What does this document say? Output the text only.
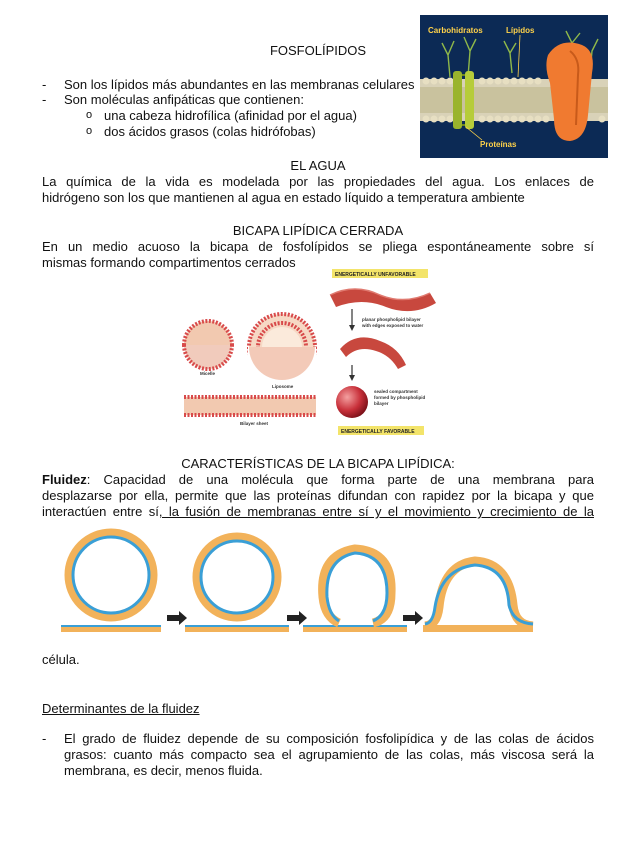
FOSFOLÍPIDOS
- Son los lípidos más abundantes en las membranas celulares
- Son moléculas anfipáticas que contienen:
o una cabeza hidrofílica (afinidad por el agua)
o dos ácidos grasos (colas hidrófobas)
Carbohidratos	Lípidos
Proteínas
EL AGUA
La química de la vida es modelada por las propiedades del agua. Los enlaces de
hidrógeno son los que mantienen al agua en estado líquido a temperatura ambiente
BICAPA LIPÍDICA CERRADA
En un medio acuoso la bicapa de fosfolípidos se pliega espontáneamente sobre sí
mismas formando compartimentos cerrados
ENERGETICALLY UNFAVORABLE
planar phospholipid bilayer
with edges exposed to water
sealed compartment
formed by phospholipid
bilayer
ENERGETICALLY FAVORABLE
Micelle
Liposome
Bilayer sheet
CARACTERÍSTICAS DE LA BICAPA LIPÍDICA:
Fluidez: Capacidad de una molécula que forma parte de una membrana para
desplazarse por ella, permite que las proteínas difundan con rapidez por la bicapa y que
interactúen entre sí, la fusión de membranas entre sí y el movimiento y crecimiento de la
célula.
Determinantes de la fluidez
- El grado de fluidez depende de su composición fosfolipídica y de las colas de ácidos
grasos: cuanto más compacto sea el agrupamiento de las colas, más viscosa será la
membrana, es decir, menos fluida.
